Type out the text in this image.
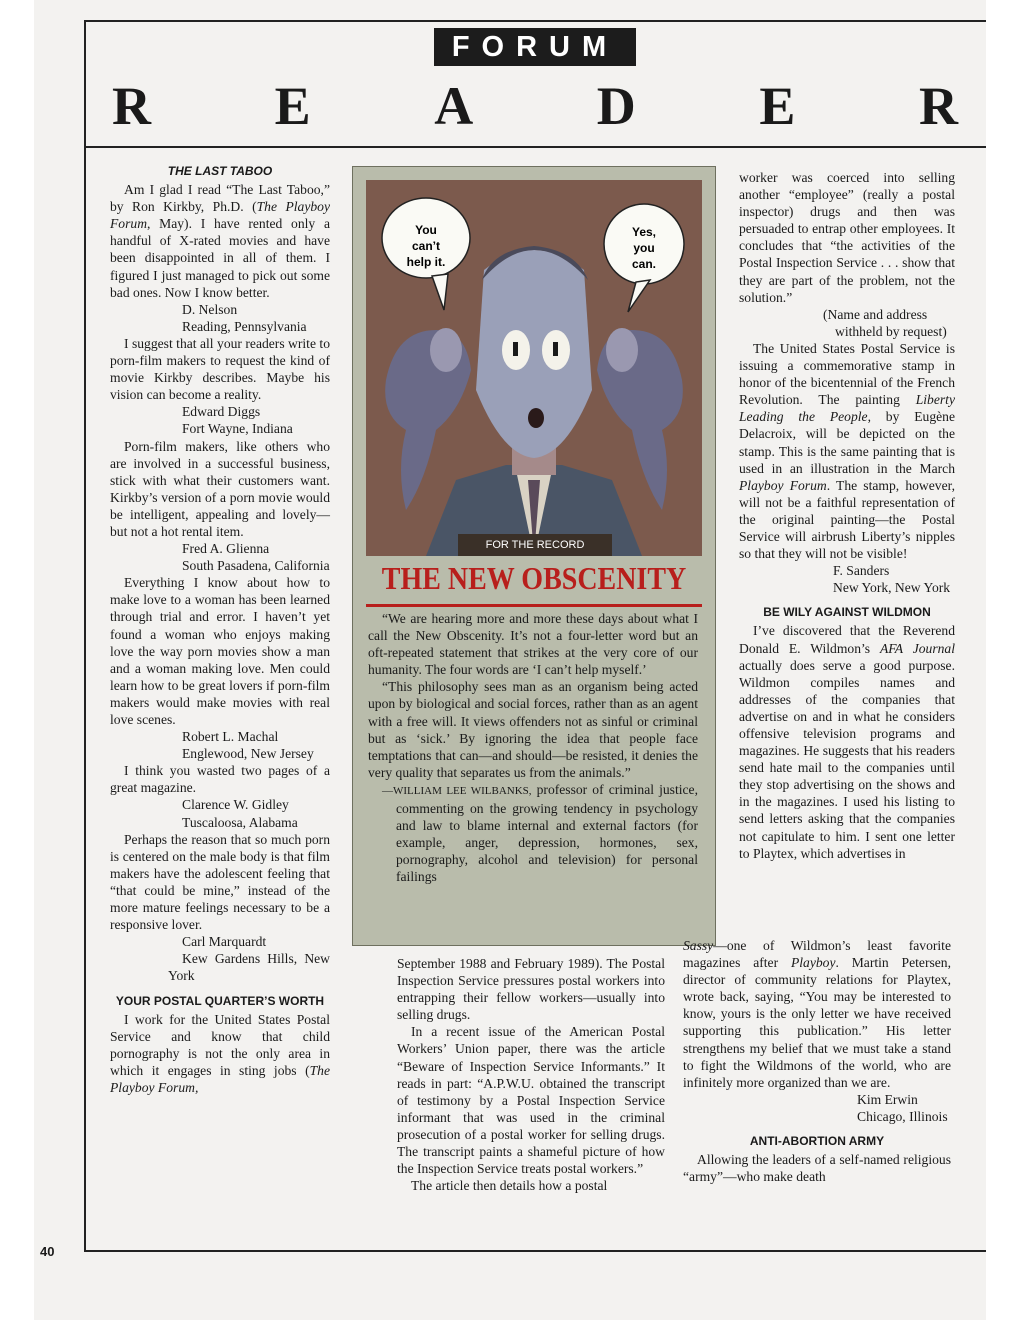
FORUM
R E A D E R
THE LAST TABOO

Am I glad I read “The Last Taboo,” by Ron Kirkby, Ph.D. (The Playboy Forum, May). I have rented only a handful of X-rated movies and have been disappointed in all of them. I figured I just managed to pick out some bad ones. Now I know better.

D. Nelson

Reading, Pennsylvania

I suggest that all your readers write to porn-film makers to request the kind of movie Kirkby describes. Maybe his vision can become a reality.

Edward Diggs

Fort Wayne, Indiana

Porn-film makers, like others who are involved in a successful business, stick with what their customers want. Kirkby’s version of a porn movie would be intelligent, appealing and lovely—but not a hot rental item.

Fred A. Glienna

South Pasadena, California

Everything I know about how to make love to a woman has been learned through trial and error. I haven’t yet found a woman who enjoys making love the way porn movies show a man and a woman making love. Men could learn how to be great lovers if porn-film makers would make movies with real love scenes.

Robert L. Machal

Englewood, New Jersey

I think you wasted two pages of a great magazine.

Clarence W. Gidley

Tuscaloosa, Alabama

Perhaps the reason that so much porn is centered on the male body is that film makers have the adolescent feeling that “that could be mine,” instead of the more mature feelings necessary to be a responsive lover.

Carl Marquardt

Kew Gardens Hills, New York

YOUR POSTAL QUARTER’S WORTH

I work for the United States Postal Service and know that child pornography is not the only area in which it engages in sting jobs (The Playboy Forum,

You
can’t
help it.
Yes,
you
can.
FOR THE RECORD
THE NEW OBSCENITY

“We are hearing more and more these days about what I call the New Obscenity. It’s not a four-letter word but an oft-repeated statement that strikes at the very core of our humanity. The four words are ‘I can’t help myself.’

“This philosophy sees man as an organism being acted upon by biological and social forces, rather than as an agent with a free will. It views offenders not as sinful or criminal but as ‘sick.’ By ignoring the idea that people face temptations that can—and should—be resisted, it denies the very quality that separates us from the animals.”

—WILLIAM LEE WILBANKS, professor of criminal justice, commenting on the growing tendency in psychology and law to blame internal and external factors (for example, anger, depression, hormones, sex, pornography, alcohol and television) for personal failings

September 1988 and February 1989). The Postal Inspection Service pressures postal workers into entrapping their fellow workers—usually into selling drugs.

In a recent issue of the American Postal Workers’ Union paper, there was the article “Beware of Inspection Service Informants.” It reads in part: “A.P.W.U. obtained the transcript of testimony by a Postal Inspection Service informant that was used in the criminal prosecution of a postal worker for selling drugs. The transcript paints a shameful picture of how the Inspection Service treats postal workers.”

The article then details how a postal

worker was coerced into selling another “employee” (really a postal inspector) drugs and then was persuaded to entrap other employees. It concludes that “the activities of the Postal Inspection Service . . . show that they are part of the problem, not the solution.”

(Name and address

withheld by request)

The United States Postal Service is issuing a commemorative stamp in honor of the bicentennial of the French Revolution. The painting Liberty Leading the People, by Eugène Delacroix, will be depicted on the stamp. This is the same painting that is used in an illustration in the March Playboy Forum. The stamp, however, will not be a faithful representation of the original painting—the Postal Service will airbrush Liberty’s nipples so that they will not be visible!

F. Sanders

New York, New York

BE WILY AGAINST WILDMON

I’ve discovered that the Reverend Donald E. Wildmon’s AFA Journal actually does serve a good purpose. Wildmon compiles names and addresses of the companies that advertise on and in what he considers offensive television programs and magazines. He suggests that his readers send hate mail to the companies until they stop advertising on the shows and in the magazines. I used his listing to send letters asking that the companies not capitulate to him. I sent one letter to Playtex, which advertises in

Sassy—one of Wildmon’s least favorite magazines after Playboy. Martin Petersen, director of community relations for Playtex, wrote back, saying, “You may be interested to know, yours is the only letter we have received supporting this publication.” His letter strengthens my belief that we must take a stand to fight the Wildmons of the world, who are infinitely more organized than we are.

Kim Erwin

Chicago, Illinois

ANTI-ABORTION ARMY

Allowing the leaders of a self-named religious “army”—who make death

40
